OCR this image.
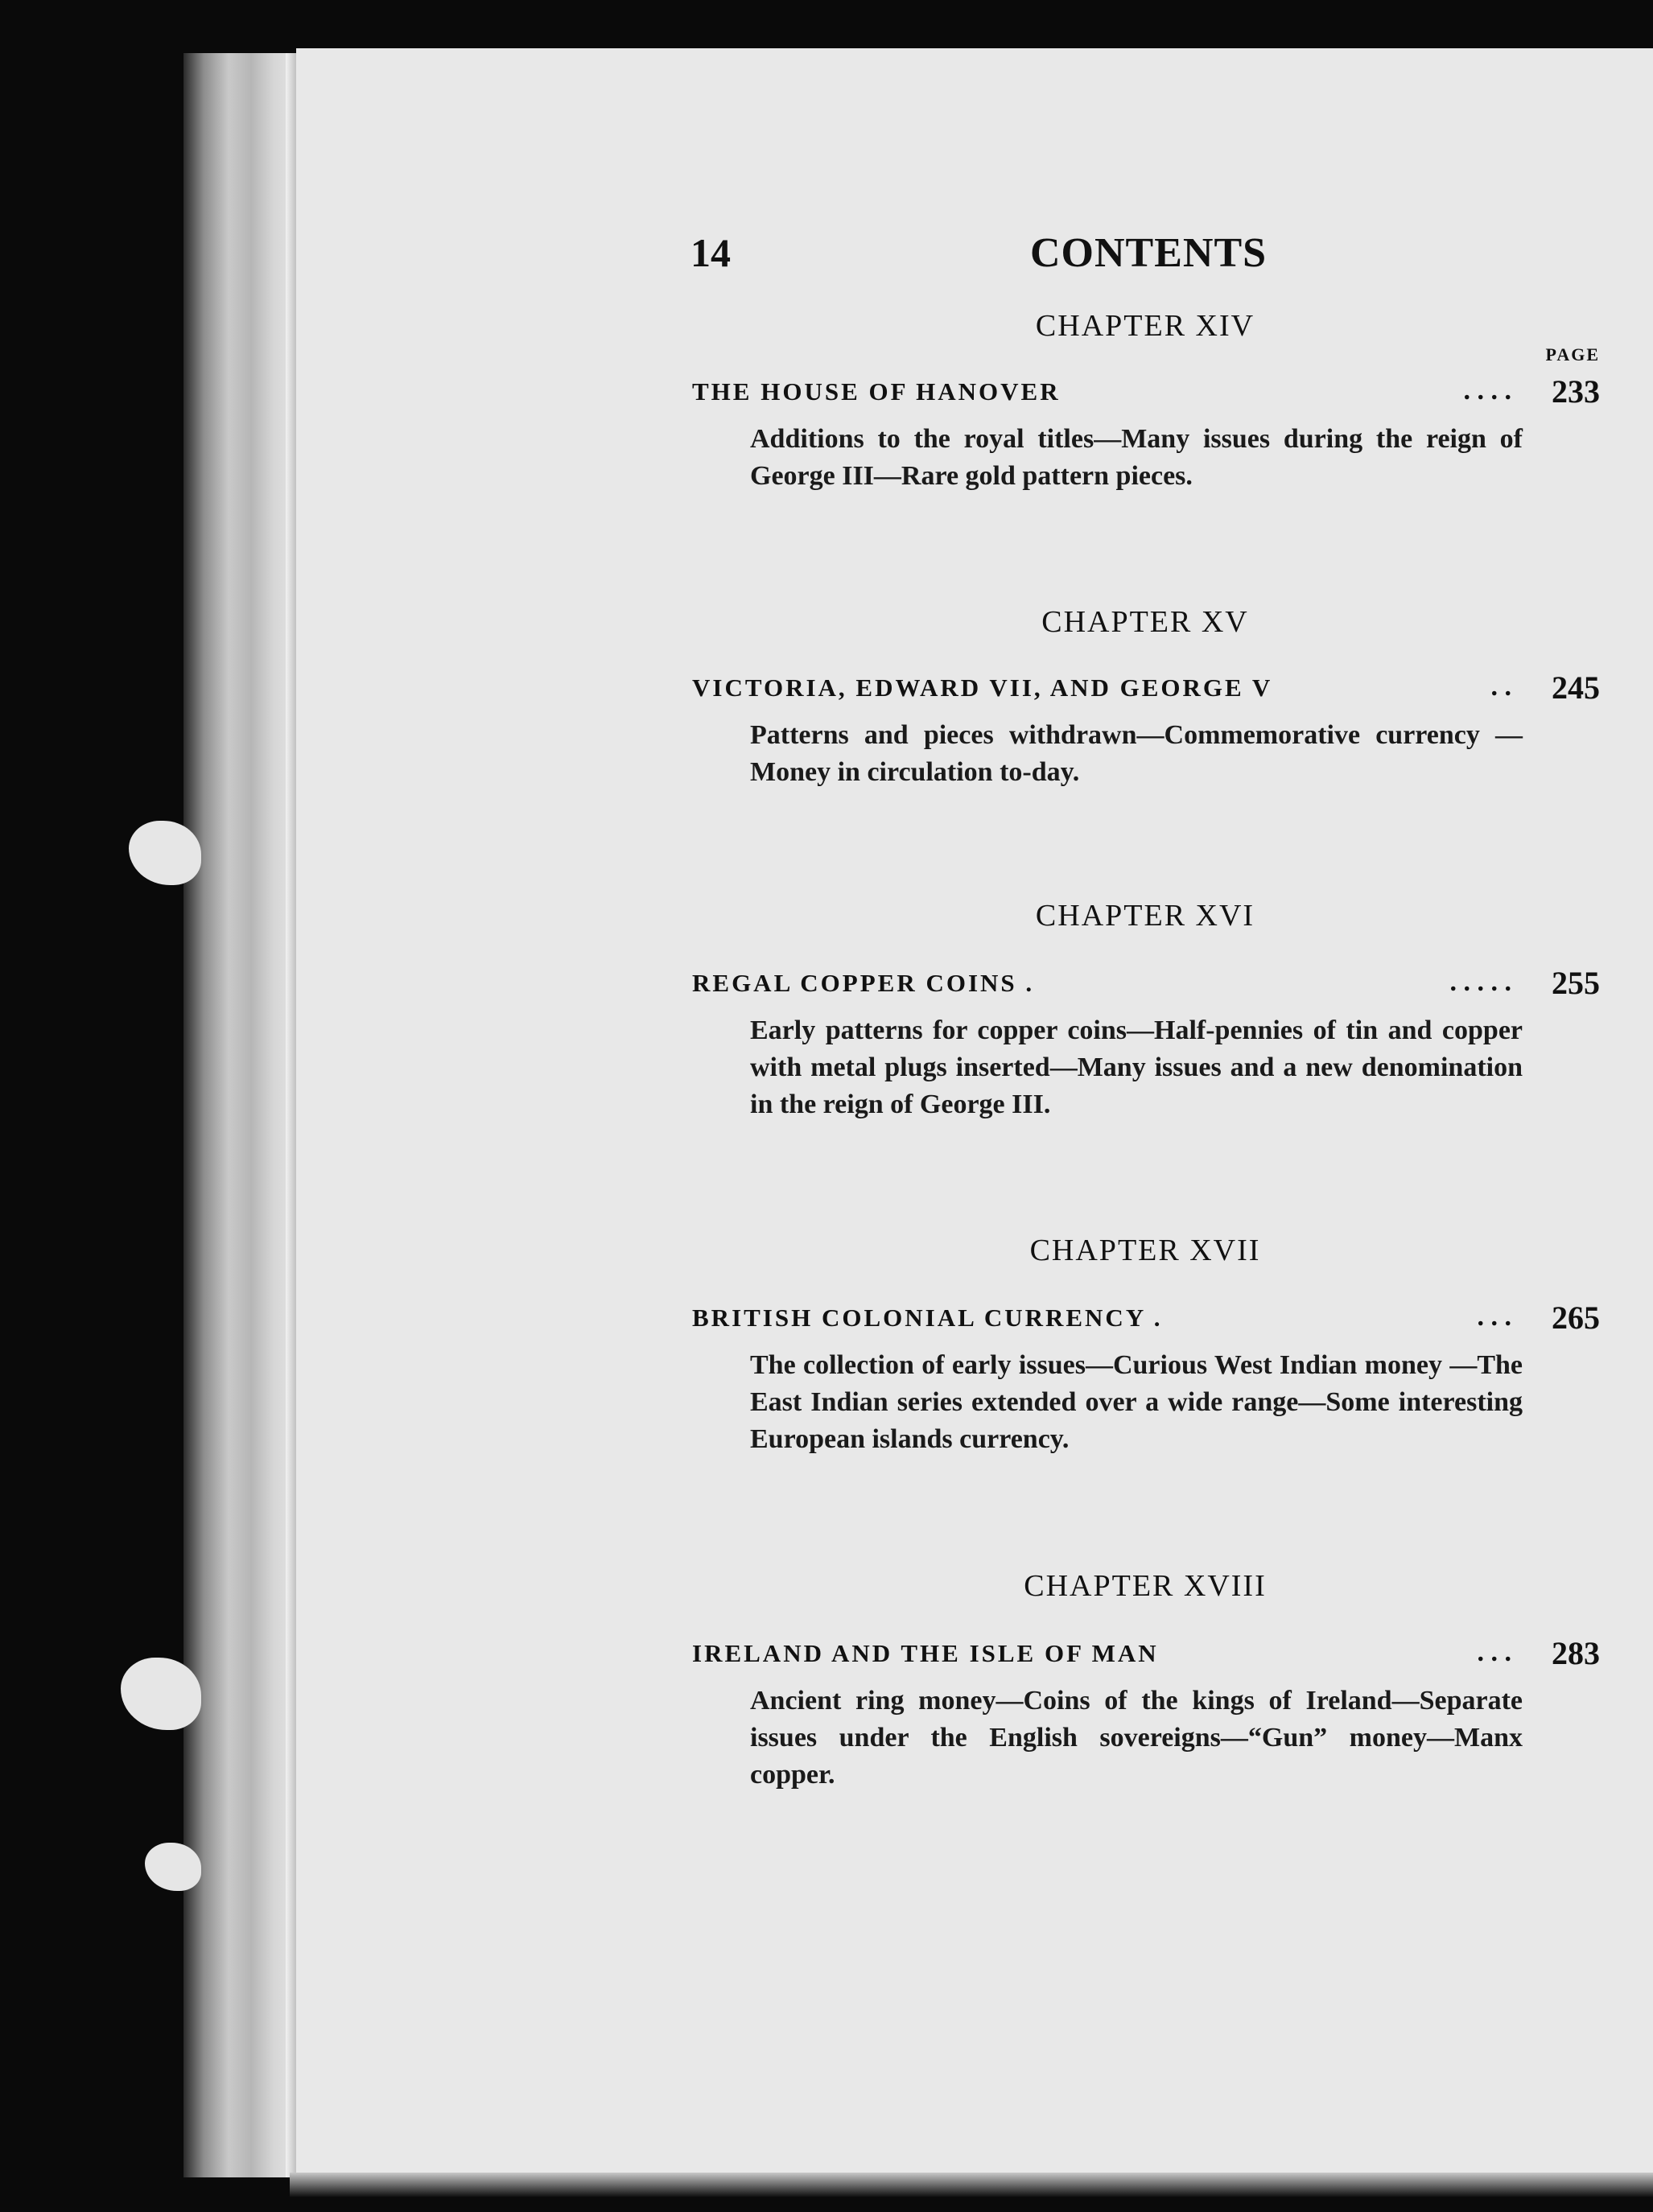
14	CONTENTS
CHAPTER XIV
PAGE
THE HOUSE OF HANOVER	. . . . 233
Additions to the royal titles—Many issues during the reign of George III—Rare gold pattern pieces.
CHAPTER XV
VICTORIA, EDWARD VII, AND GEORGE V	. . 245
Patterns and pieces withdrawn—Commemorative currency —Money in circulation to-day.
CHAPTER XVI
REGAL COPPER COINS .	. . . . . 255
Early patterns for copper coins—Half-pennies of tin and copper with metal plugs inserted—Many issues and a new denomination in the reign of George III.
CHAPTER XVII
BRITISH COLONIAL CURRENCY .	. . . 265
The collection of early issues—Curious West Indian money —The East Indian series extended over a wide range—Some interesting European islands currency.
CHAPTER XVIII
IRELAND AND THE ISLE OF MAN	. . . 283
Ancient ring money—Coins of the kings of Ireland—Separate issues under the English sovereigns—“Gun” money—Manx copper.
